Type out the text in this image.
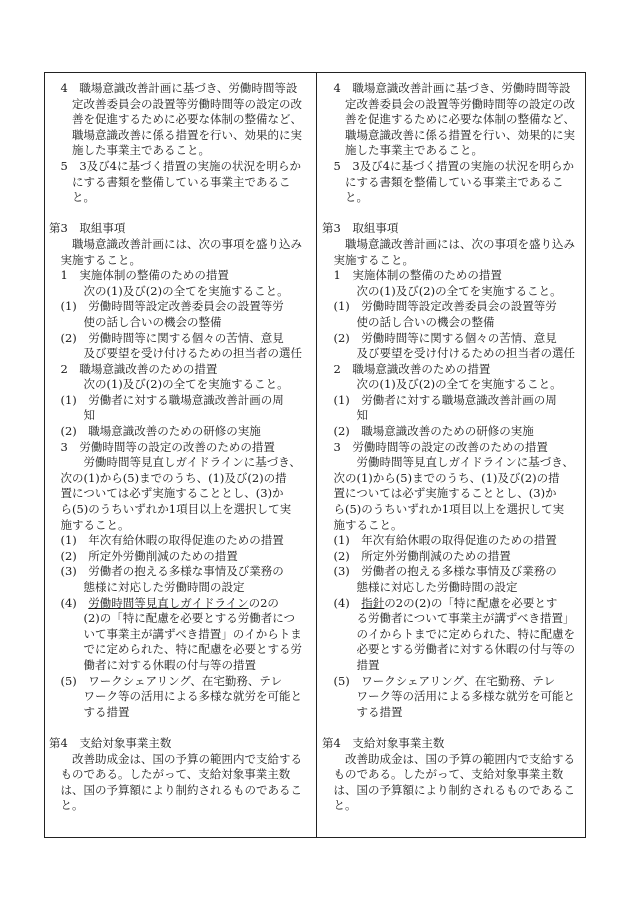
4　職場意識改善計画に基づき、労働時間等設
定改善委員会の設置等労働時間等の設定の改
善を促進するために必要な体制の整備など、
職場意識改善に係る措置を行い、効果的に実
施した事業主であること。
5　3及び4に基づく措置の実施の状況を明らか
にする書類を整備している事業主であるこ
と。
第3　取組事項
職場意識改善計画には、次の事項を盛り込み
実施すること。
1　実施体制の整備のための措置
次の(1)及び(2)の全てを実施すること。
(1)　労働時間等設定改善委員会の設置等労
使の話し合いの機会の整備
(2)　労働時間等に関する個々の苦情、意見
及び要望を受け付けるための担当者の選任
2　職場意識改善のための措置
次の(1)及び(2)の全てを実施すること。
(1)　労働者に対する職場意識改善計画の周
知
(2)　職場意識改善のための研修の実施
3　労働時間等の設定の改善のための措置
労働時間等見直しガイドラインに基づき、
次の(1)から(5)までのうち、(1)及び(2)の措
置については必ず実施することとし、(3)か
ら(5)のうちいずれか1項目以上を選択して実
施すること。
(1)　年次有給休暇の取得促進のための措置
(2)　所定外労働削減のための措置
(3)　労働者の抱える多様な事情及び業務の
態様に対応した労働時間の設定
(4)　労働時間等見直しガイドラインの2の
(2)の「特に配慮を必要とする労働者につ
いて事業主が講ずべき措置」のイからトま
でに定められた、特に配慮を必要とする労
働者に対する休暇の付与等の措置
(5)　ワークシェアリング、在宅勤務、テレ
ワーク等の活用による多様な就労を可能と
する措置
第4　支給対象事業主数
改善助成金は、国の予算の範囲内で支給する
ものである。したがって、支給対象事業主数
は、国の予算額により制約されるものであるこ
と。
4　職場意識改善計画に基づき、労働時間等設
定改善委員会の設置等労働時間等の設定の改
善を促進するために必要な体制の整備など、
職場意識改善に係る措置を行い、効果的に実
施した事業主であること。
5　3及び4に基づく措置の実施の状況を明らか
にする書類を整備している事業主であるこ
と。
第3　取組事項
職場意識改善計画には、次の事項を盛り込み
実施すること。
1　実施体制の整備のための措置
次の(1)及び(2)の全てを実施すること。
(1)　労働時間等設定改善委員会の設置等労
使の話し合いの機会の整備
(2)　労働時間等に関する個々の苦情、意見
及び要望を受け付けるための担当者の選任
2　職場意識改善のための措置
次の(1)及び(2)の全てを実施すること。
(1)　労働者に対する職場意識改善計画の周
知
(2)　職場意識改善のための研修の実施
3　労働時間等の設定の改善のための措置
労働時間等見直しガイドラインに基づき、
次の(1)から(5)までのうち、(1)及び(2)の措
置については必ず実施することとし、(3)か
ら(5)のうちいずれか1項目以上を選択して実
施すること。
(1)　年次有給休暇の取得促進のための措置
(2)　所定外労働削減のための措置
(3)　労働者の抱える多様な事情及び業務の
態様に対応した労働時間の設定
(4)　指針の2の(2)の「特に配慮を必要とす
る労働者について事業主が講ずべき措置」
のイからトまでに定められた、特に配慮を
必要とする労働者に対する休暇の付与等の
措置
(5)　ワークシェアリング、在宅勤務、テレ
ワーク等の活用による多様な就労を可能と
する措置
第4　支給対象事業主数
改善助成金は、国の予算の範囲内で支給する
ものである。したがって、支給対象事業主数
は、国の予算額により制約されるものであるこ
と。
